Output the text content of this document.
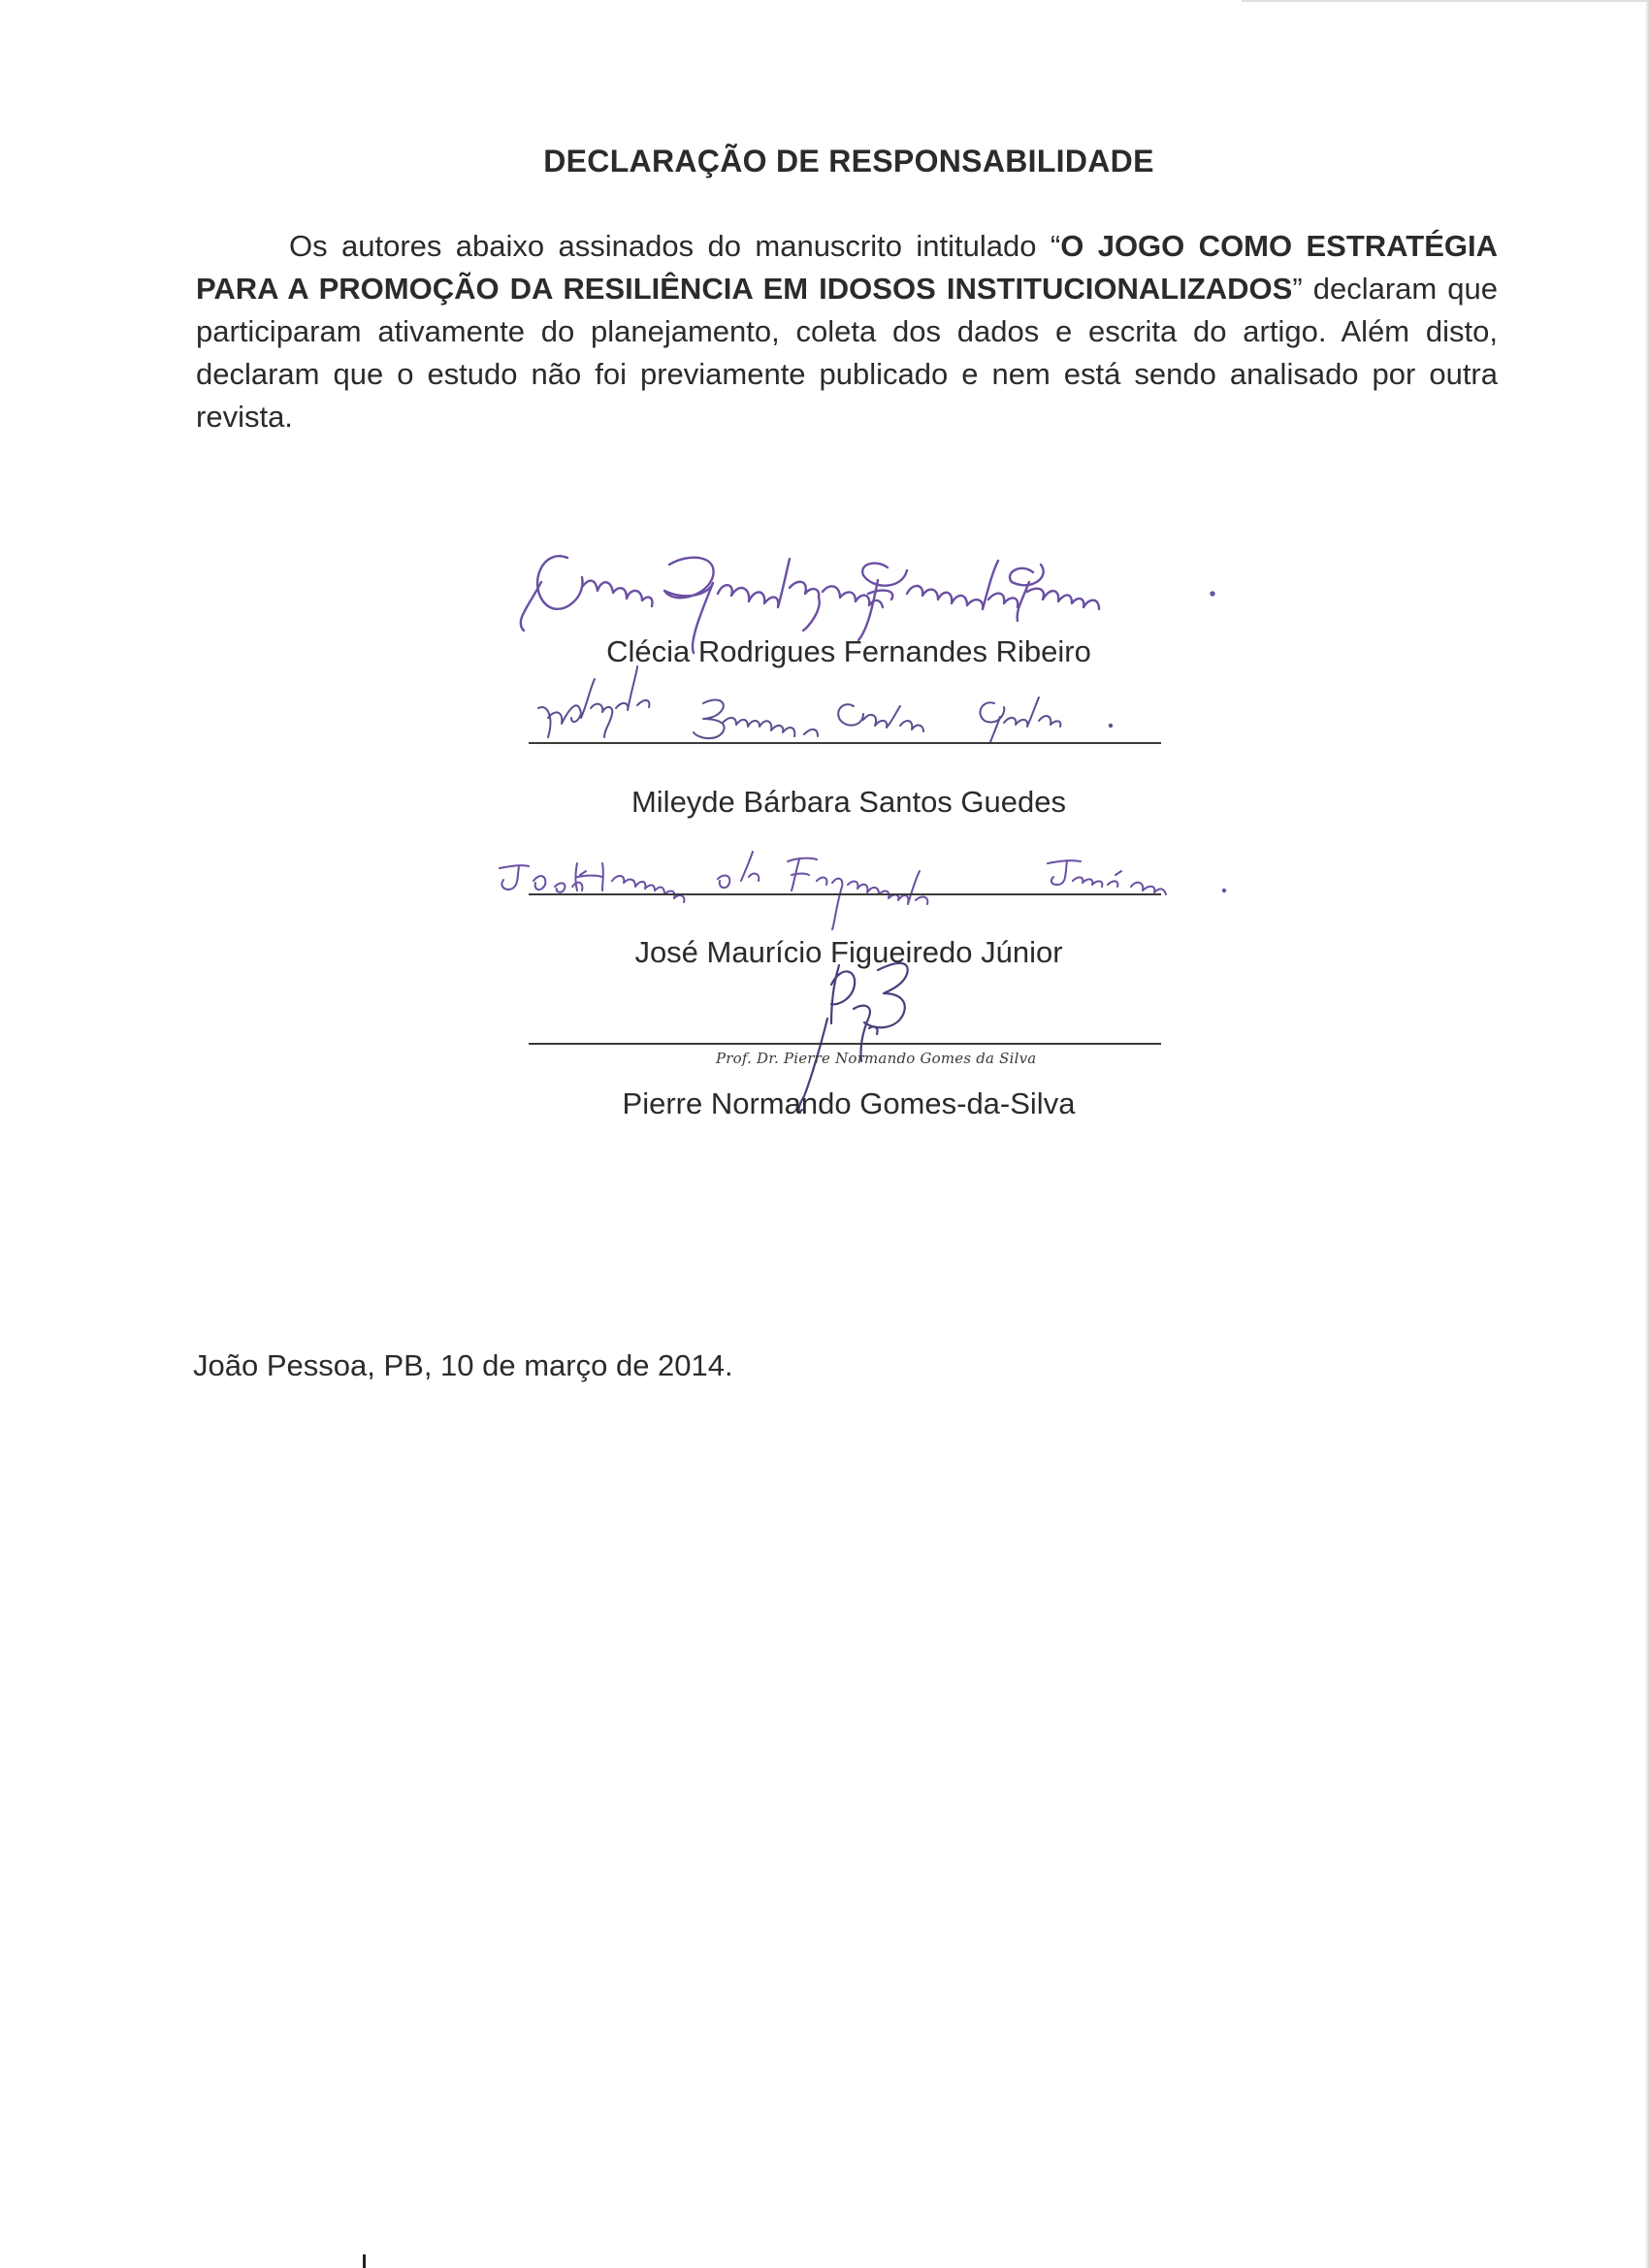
DECLARAÇÃO DE RESPONSABILIDADE
Os autores abaixo assinados do manuscrito intitulado “O JOGO COMO ESTRATÉGIA PARA A PROMOÇÃO DA RESILIÊNCIA EM IDOSOS INSTITUCIONALIZADOS” declaram que participaram ativamente do planejamento, coleta dos dados e escrita do artigo. Além disto, declaram que o estudo não foi previamente publicado e nem está sendo analisado por outra revista.
Clécia Rodrigues Fernandes Ribeiro
Mileyde Bárbara Santos Guedes
José Maurício Figueiredo Júnior
Prof. Dr. Pierre Normando Gomes da Silva
Pierre Normando Gomes-da-Silva
João Pessoa, PB, 10 de março de 2014.
